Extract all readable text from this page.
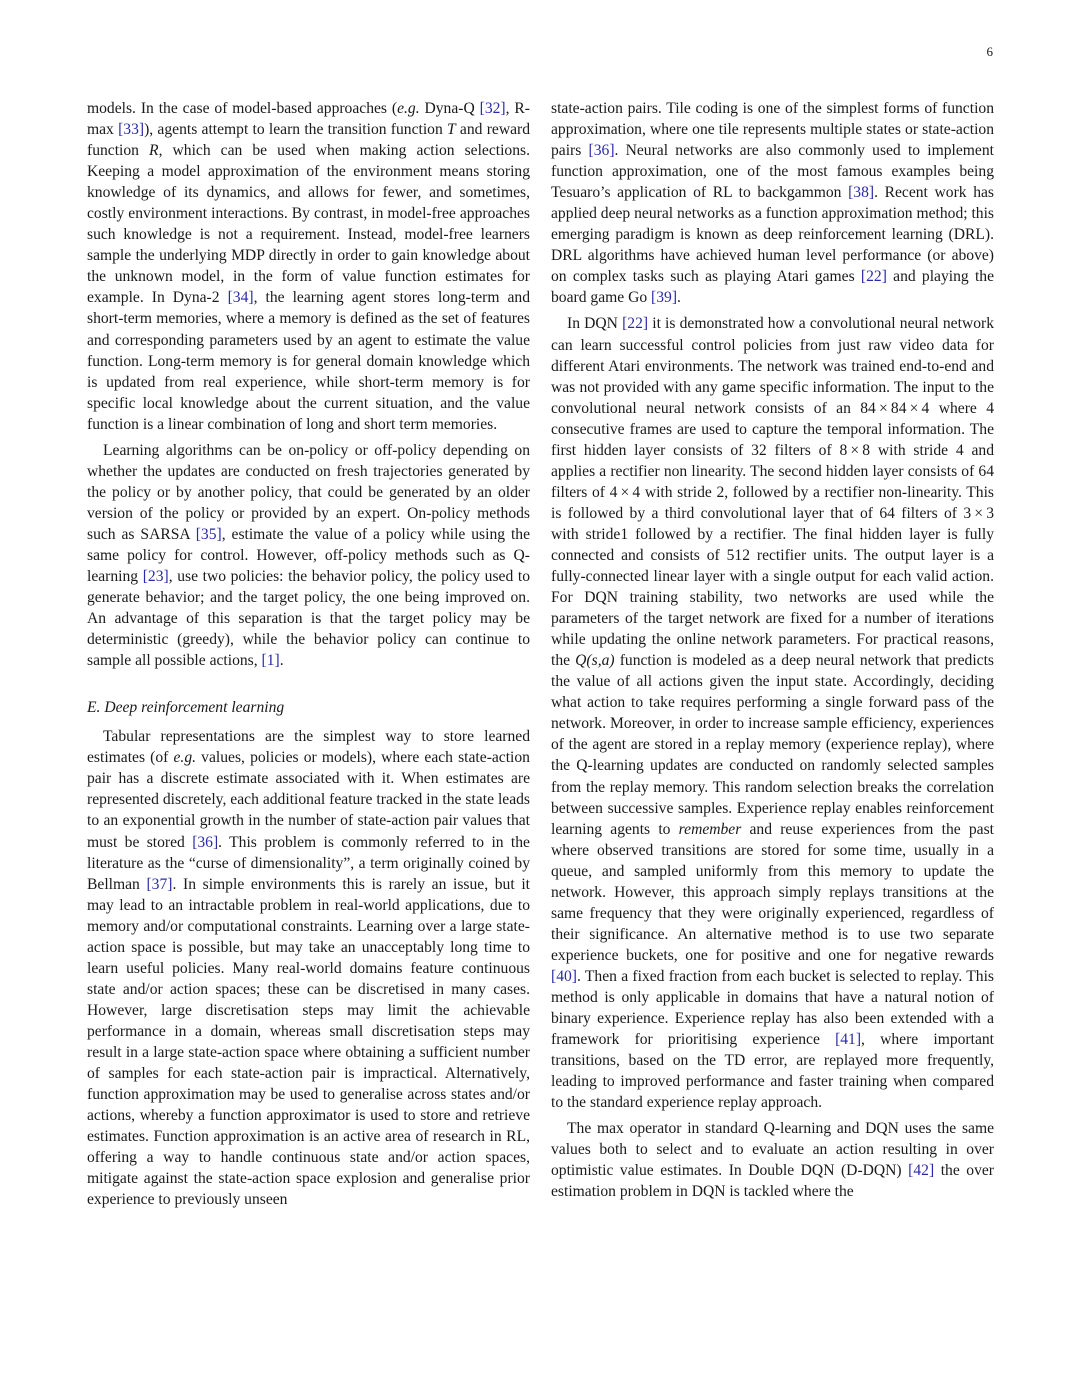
6

models. In the case of model-based approaches (e.g. Dyna-Q [32], R-max [33]), agents attempt to learn the transition function T and reward function R, which can be used when making action selections. Keeping a model approximation of the environment means storing knowledge of its dynamics, and allows for fewer, and sometimes, costly environment interactions. By contrast, in model-free approaches such knowledge is not a requirement. Instead, model-free learners sample the underlying MDP directly in order to gain knowledge about the unknown model, in the form of value function estimates for example. In Dyna-2 [34], the learning agent stores long-term and short-term memories, where a memory is defined as the set of features and corresponding parameters used by an agent to estimate the value function. Long-term memory is for general domain knowledge which is updated from real experience, while short-term memory is for specific local knowledge about the current situation, and the value function is a linear combination of long and short term memories.

Learning algorithms can be on-policy or off-policy depending on whether the updates are conducted on fresh trajectories generated by the policy or by another policy, that could be generated by an older version of the policy or provided by an expert. On-policy methods such as SARSA [35], estimate the value of a policy while using the same policy for control. However, off-policy methods such as Q-learning [23], use two policies: the behavior policy, the policy used to generate behavior; and the target policy, the one being improved on. An advantage of this separation is that the target policy may be deterministic (greedy), while the behavior policy can continue to sample all possible actions, [1].

E. Deep reinforcement learning

Tabular representations are the simplest way to store learned estimates (of e.g. values, policies or models), where each state-action pair has a discrete estimate associated with it. When estimates are represented discretely, each additional feature tracked in the state leads to an exponential growth in the number of state-action pair values that must be stored [36]. This problem is commonly referred to in the literature as the “curse of dimensionality”, a term originally coined by Bellman [37]. In simple environments this is rarely an issue, but it may lead to an intractable problem in real-world applications, due to memory and/or computational constraints. Learning over a large state-action space is possible, but may take an unacceptably long time to learn useful policies. Many real-world domains feature continuous state and/or action spaces; these can be discretised in many cases. However, large discretisation steps may limit the achievable performance in a domain, whereas small discretisation steps may result in a large state-action space where obtaining a sufficient number of samples for each state-action pair is impractical. Alternatively, function approximation may be used to generalise across states and/or actions, whereby a function approximator is used to store and retrieve estimates. Function approximation is an active area of research in RL, offering a way to handle continuous state and/or action spaces, mitigate against the state-action space explosion and generalise prior experience to previously unseen

state-action pairs. Tile coding is one of the simplest forms of function approximation, where one tile represents multiple states or state-action pairs [36]. Neural networks are also commonly used to implement function approximation, one of the most famous examples being Tesuaro’s application of RL to backgammon [38]. Recent work has applied deep neural networks as a function approximation method; this emerging paradigm is known as deep reinforcement learning (DRL). DRL algorithms have achieved human level performance (or above) on complex tasks such as playing Atari games [22] and playing the board game Go [39].

In DQN [22] it is demonstrated how a convolutional neural network can learn successful control policies from just raw video data for different Atari environments. The network was trained end-to-end and was not provided with any game specific information. The input to the convolutional neural network consists of an 84 × 84 × 4 where 4 consecutive frames are used to capture the temporal information. The first hidden layer consists of 32 filters of 8 × 8 with stride 4 and applies a rectifier non linearity. The second hidden layer consists of 64 filters of 4 × 4 with stride 2, followed by a rectifier non-linearity. This is followed by a third convolutional layer that of 64 filters of 3 × 3 with stride1 followed by a rectifier. The final hidden layer is fully connected and consists of 512 rectifier units. The output layer is a fully-connected linear layer with a single output for each valid action. For DQN training stability, two networks are used while the parameters of the target network are fixed for a number of iterations while updating the online network parameters. For practical reasons, the Q(s,a) function is modeled as a deep neural network that predicts the value of all actions given the input state. Accordingly, deciding what action to take requires performing a single forward pass of the network. Moreover, in order to increase sample efficiency, experiences of the agent are stored in a replay memory (experience replay), where the Q-learning updates are conducted on randomly selected samples from the replay memory. This random selection breaks the correlation between successive samples. Experience replay enables reinforcement learning agents to remember and reuse experiences from the past where observed transitions are stored for some time, usually in a queue, and sampled uniformly from this memory to update the network. However, this approach simply replays transitions at the same frequency that they were originally experienced, regardless of their significance. An alternative method is to use two separate experience buckets, one for positive and one for negative rewards [40]. Then a fixed fraction from each bucket is selected to replay. This method is only applicable in domains that have a natural notion of binary experience. Experience replay has also been extended with a framework for prioritising experience [41], where important transitions, based on the TD error, are replayed more frequently, leading to improved performance and faster training when compared to the standard experience replay approach.

The max operator in standard Q-learning and DQN uses the same values both to select and to evaluate an action resulting in over optimistic value estimates. In Double DQN (D-DQN) [42] the over estimation problem in DQN is tackled where the
